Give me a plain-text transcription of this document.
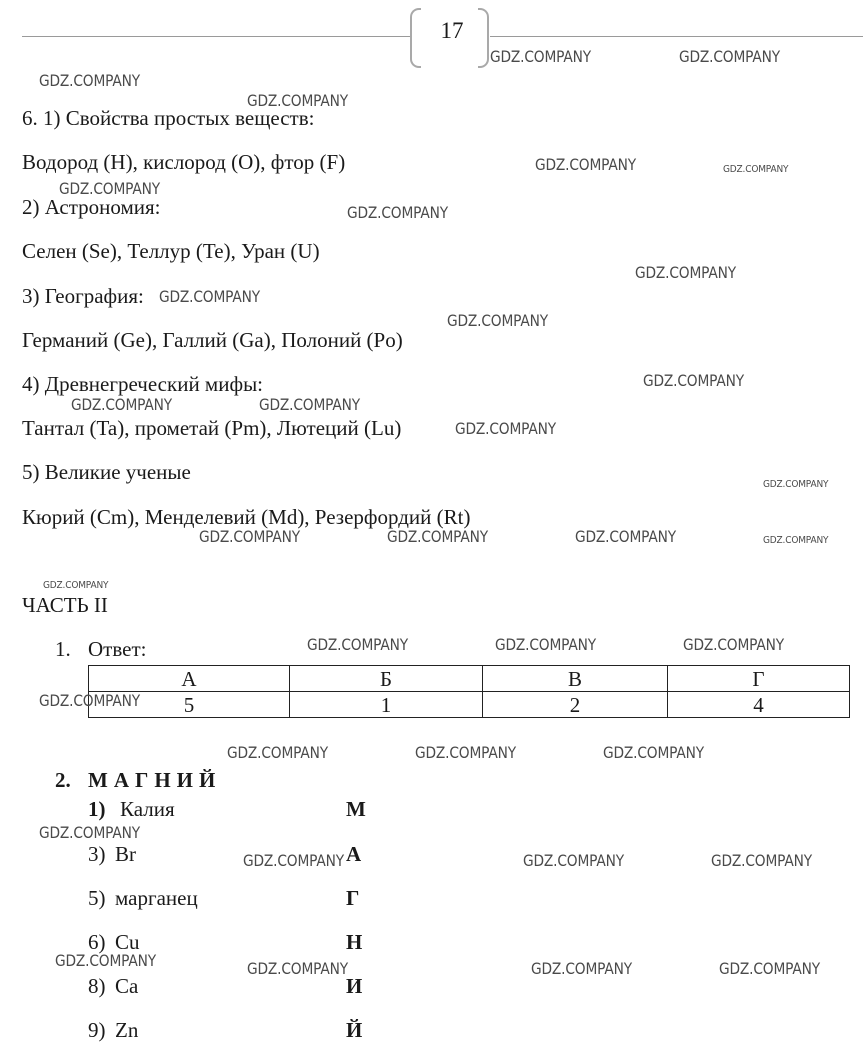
17
6. 1) Свойства простых веществ:
Водород (H), кислород (O), фтор (F)
2) Астрономия:
Селен (Se), Теллур (Te), Уран (U)
3) География:
Германий (Ge), Галлий (Ga), Полоний (Po)
4) Древнегреческий мифы:
Тантал (Ta), прометай (Pm), Лютеций (Lu)
5) Великие ученые
Кюрий (Cm), Менделевий (Md), Резерфордий (Rt)
ЧАСТЬ II
1. Ответ:
А	Б	В	Г
5	1	2	4
2. МАГНИЙ
1) Калия	М
3) Br	А
5) марганец	Г
6) Cu	Н
8) Ca	И
9) Zn	Й
GDZ.COMPANY	GDZ.COMPANY
GDZ.COMPANY
GDZ.COMPANY
GDZ.COMPANY	GDZ.COMPANY
GDZ.COMPANY
GDZ.COMPANY
GDZ.COMPANY
GDZ.COMPANY
GDZ.COMPANY
GDZ.COMPANY
GDZ.COMPANY	GDZ.COMPANY
GDZ.COMPANY
GDZ.COMPANY
GDZ.COMPANY	GDZ.COMPANY	GDZ.COMPANY	GDZ.COMPANY
GDZ.COMPANY
GDZ.COMPANY	GDZ.COMPANY	GDZ.COMPANY
GDZ.COMPANY
GDZ.COMPANY	GDZ.COMPANY	GDZ.COMPANY
GDZ.COMPANY
GDZ.COMPANY	GDZ.COMPANY	GDZ.COMPANY
GDZ.COMPANY	GDZ.COMPANY	GDZ.COMPANY	GDZ.COMPANY
